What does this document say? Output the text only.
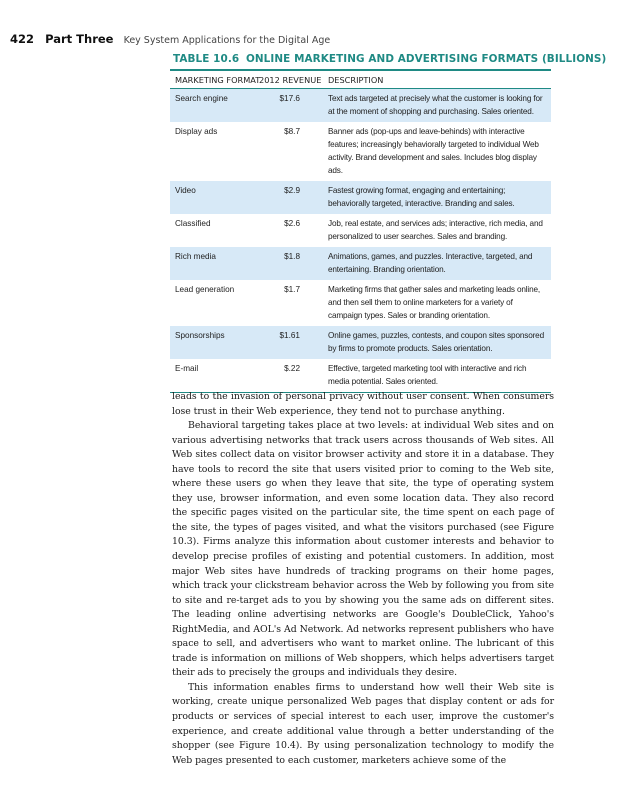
422 Part Three Key System Applications for the Digital Age
TABLE 10.6 ONLINE MARKETING AND ADVERTISING FORMATS (BILLIONS)
MARKETING FORMAT	2012 REVENUE	DESCRIPTION
Search engine	$17.6	Text ads targeted at precisely what the customer is looking for at the moment of shopping and purchasing. Sales oriented.
Display ads	$8.7	Banner ads (pop-ups and leave-behinds) with interactive features; increasingly behaviorally targeted to individual Web activity. Brand development and sales. Includes blog display ads.
Video	$2.9	Fastest growing format, engaging and entertaining; behaviorally targeted, interactive. Branding and sales.
Classified	$2.6	Job, real estate, and services ads; interactive, rich media, and personalized to user searches. Sales and branding.
Rich media	$1.8	Animations, games, and puzzles. Interactive, targeted, and entertaining. Branding orientation.
Lead generation	$1.7	Marketing firms that gather sales and marketing leads online, and then sell them to online marketers for a variety of campaign types. Sales or branding orientation.
Sponsorships	$1.61	Online games, puzzles, contests, and coupon sites sponsored by firms to promote products. Sales orientation.
E-mail	$.22	Effective, targeted marketing tool with interactive and rich media potential. Sales oriented.

leads to the invasion of personal privacy without user consent. When consumers lose trust in their Web experience, they tend not to purchase anything.

Behavioral targeting takes place at two levels: at individual Web sites and on various advertising networks that track users across thousands of Web sites. All Web sites collect data on visitor browser activity and store it in a database. They have tools to record the site that users visited prior to coming to the Web site, where these users go when they leave that site, the type of operating system they use, browser information, and even some location data. They also record the specific pages visited on the particular site, the time spent on each page of the site, the types of pages visited, and what the visitors purchased (see Figure 10.3). Firms analyze this information about customer interests and behavior to develop precise profiles of existing and potential customers. In addition, most major Web sites have hundreds of tracking programs on their home pages, which track your clickstream behavior across the Web by following you from site to site and re-target ads to you by showing you the same ads on different sites. The leading online advertising networks are Google's DoubleClick, Yahoo's RightMedia, and AOL's Ad Network. Ad networks represent publishers who have space to sell, and advertisers who want to market online. The lubricant of this trade is information on millions of Web shoppers, which helps advertisers target their ads to precisely the groups and individuals they desire.

This information enables firms to understand how well their Web site is working, create unique personalized Web pages that display content or ads for products or services of special interest to each user, improve the customer's experience, and create additional value through a better understanding of the shopper (see Figure 10.4). By using personalization technology to modify the Web pages presented to each customer, marketers achieve some of the
